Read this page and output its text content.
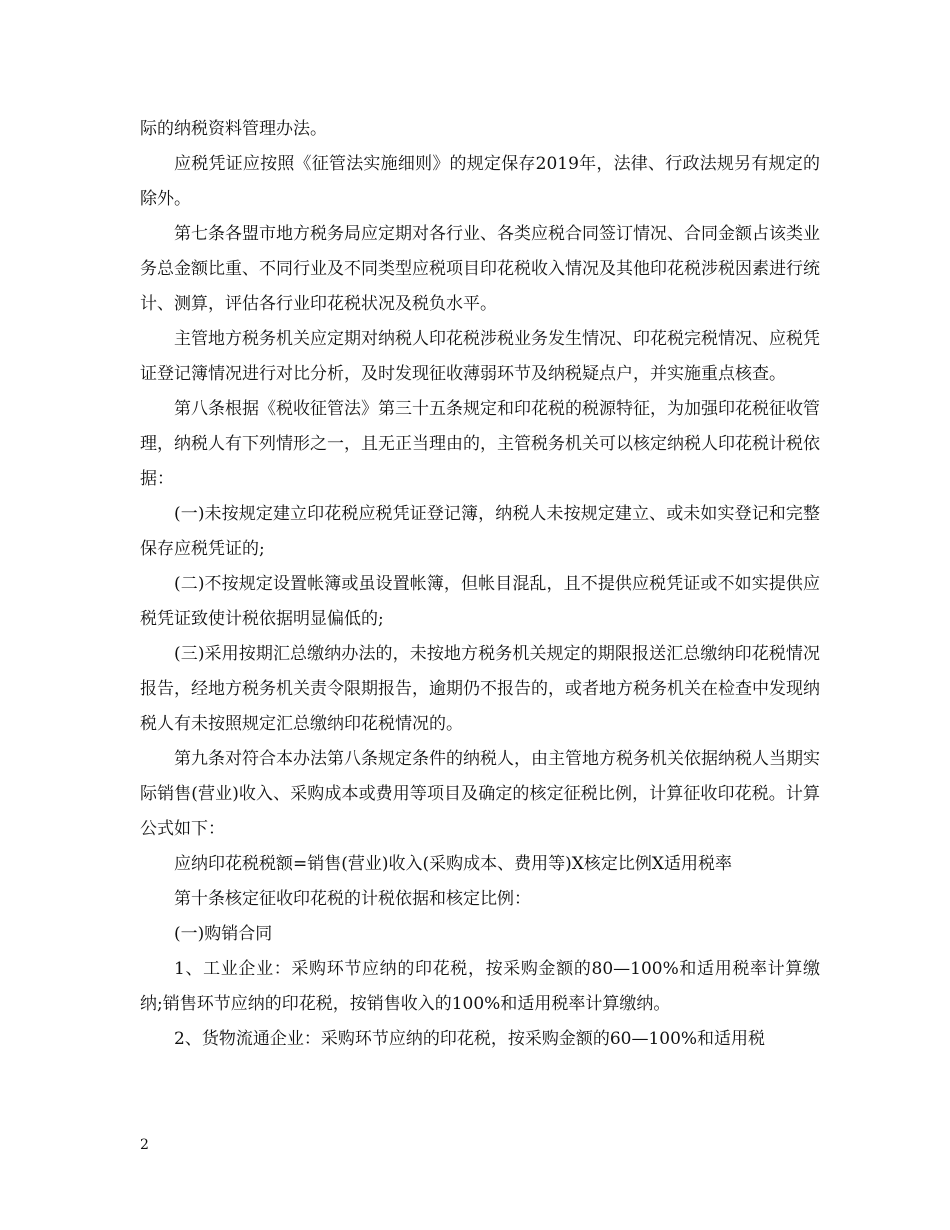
际的纳税资料管理办法。

应税凭证应按照《征管法实施细则》的规定保存2019年，法律、行政法规另有规定的除外。

第七条各盟市地方税务局应定期对各行业、各类应税合同签订情况、合同金额占该类业务总金额比重、不同行业及不同类型应税项目印花税收入情况及其他印花税涉税因素进行统计、测算，评估各行业印花税状况及税负水平。

主管地方税务机关应定期对纳税人印花税涉税业务发生情况、印花税完税情况、应税凭证登记簿情况进行对比分析，及时发现征收薄弱环节及纳税疑点户，并实施重点核查。

第八条根据《税收征管法》第三十五条规定和印花税的税源特征，为加强印花税征收管理，纳税人有下列情形之一，且无正当理由的，主管税务机关可以核定纳税人印花税计税依据：

(一)未按规定建立印花税应税凭证登记簿，纳税人未按规定建立、或未如实登记和完整保存应税凭证的;

(二)不按规定设置帐簿或虽设置帐簿，但帐目混乱，且不提供应税凭证或不如实提供应税凭证致使计税依据明显偏低的;

(三)采用按期汇总缴纳办法的，未按地方税务机关规定的期限报送汇总缴纳印花税情况报告，经地方税务机关责令限期报告，逾期仍不报告的，或者地方税务机关在检查中发现纳税人有未按照规定汇总缴纳印花税情况的。

第九条对符合本办法第八条规定条件的纳税人，由主管地方税务机关依据纳税人当期实际销售(营业)收入、采购成本或费用等项目及确定的核定征税比例，计算征收印花税。计算公式如下：

应纳印花税税额=销售(营业)收入(采购成本、费用等)X核定比例X适用税率

第十条核定征收印花税的计税依据和核定比例：

(一)购销合同

1、工业企业：采购环节应纳的印花税，按采购金额的80—100%和适用税率计算缴纳;销售环节应纳的印花税，按销售收入的100%和适用税率计算缴纳。

2、货物流通企业：采购环节应纳的印花税，按采购金额的60—100%和适用税

2
